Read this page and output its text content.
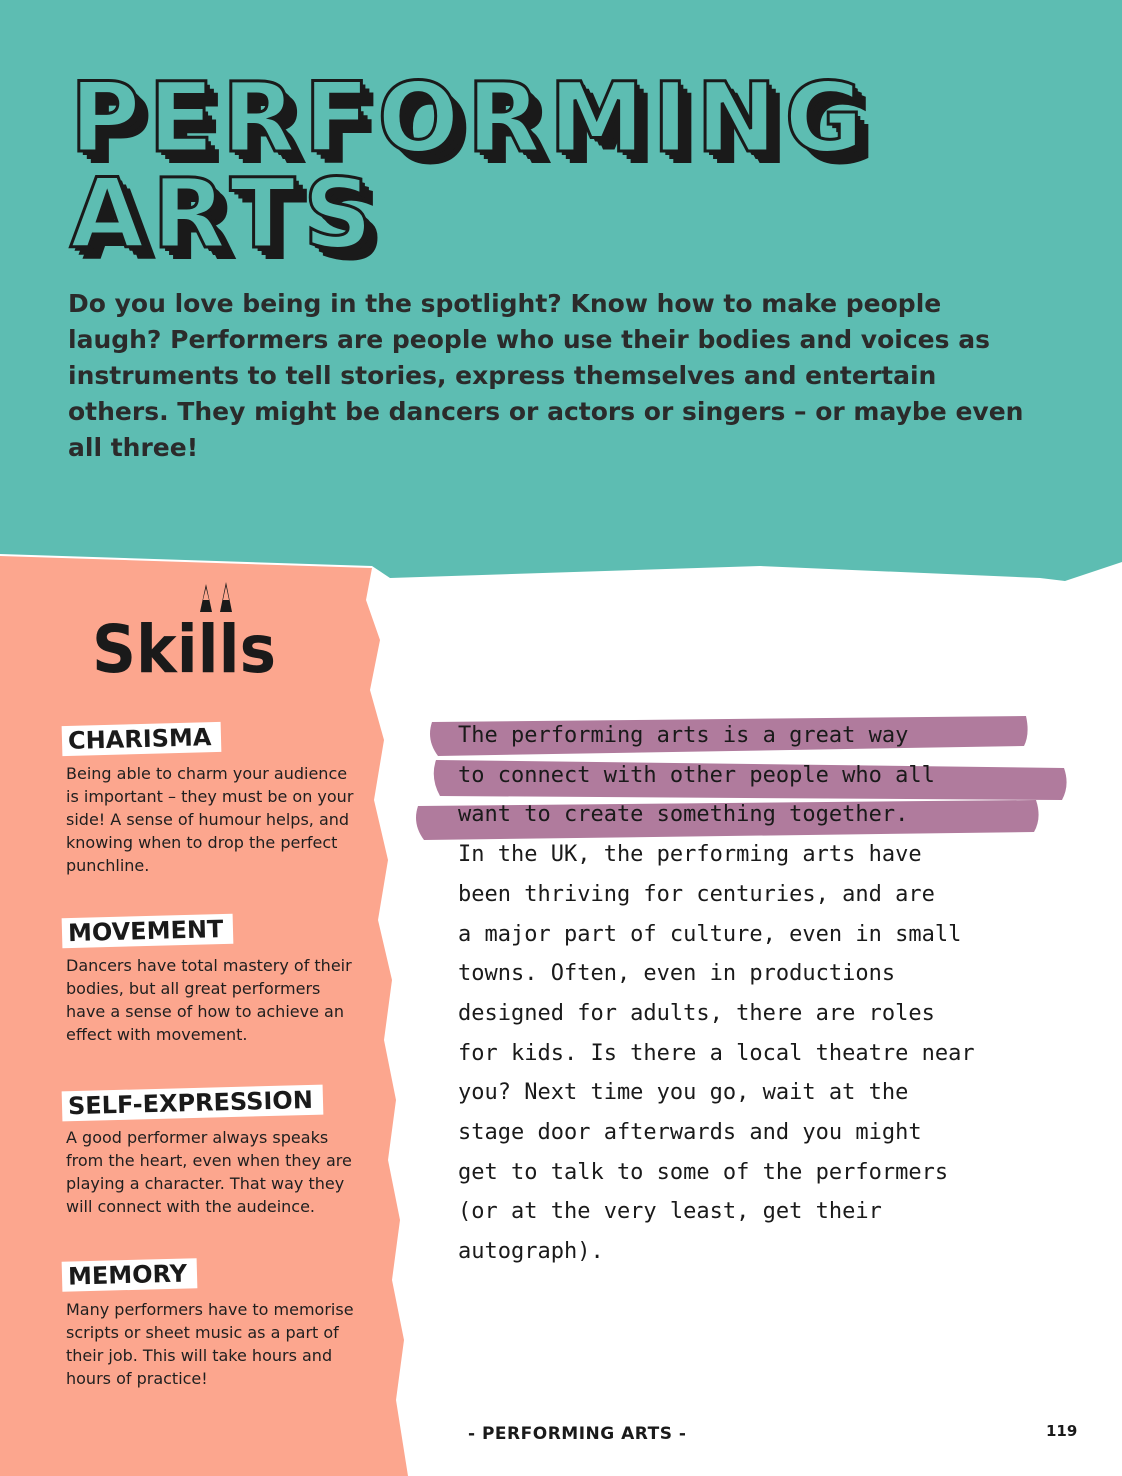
PERFORMING
ARTS

Do you love being in the spotlight? Know how to make people laugh? Performers are people who use their bodies and voices as instruments to tell stories, express themselves and entertain others. They might be dancers or actors or singers – or maybe even all three!

Skills
CHARISMA

Being able to charm your audience is important – they must be on your side! A sense of humour helps, and knowing when to drop the perfect punchline.

MOVEMENT

Dancers have total mastery of their bodies, but all great performers have a sense of how to achieve an effect with movement.

SELF-EXPRESSION

A good performer always speaks from the heart, even when they are playing a character. That way they will connect with the audeince.

MEMORY

Many performers have to memorise scripts or sheet music as a part of their job. This will take hours and hours of practice!

The performing arts is a great way
to connect with other people who all
want to create something together.
In the UK, the performing arts have
been thriving for centuries, and are
a major part of culture, even in small
towns. Often, even in productions
designed for adults, there are roles
for kids. Is there a local theatre near
you? Next time you go, wait at the
stage door afterwards and you might
get to talk to some of the performers
(or at the very least, get their
autograph).
- PERFORMING ARTS -	119
